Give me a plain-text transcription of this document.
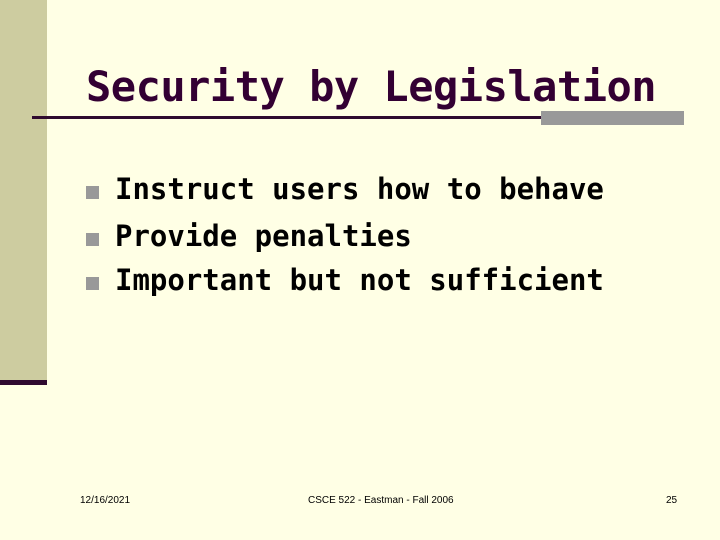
Security by Legislation
Instruct users how to behave
Provide penalties
Important but not sufficient
12/16/2021	CSCE 522 - Eastman - Fall 2006	25
